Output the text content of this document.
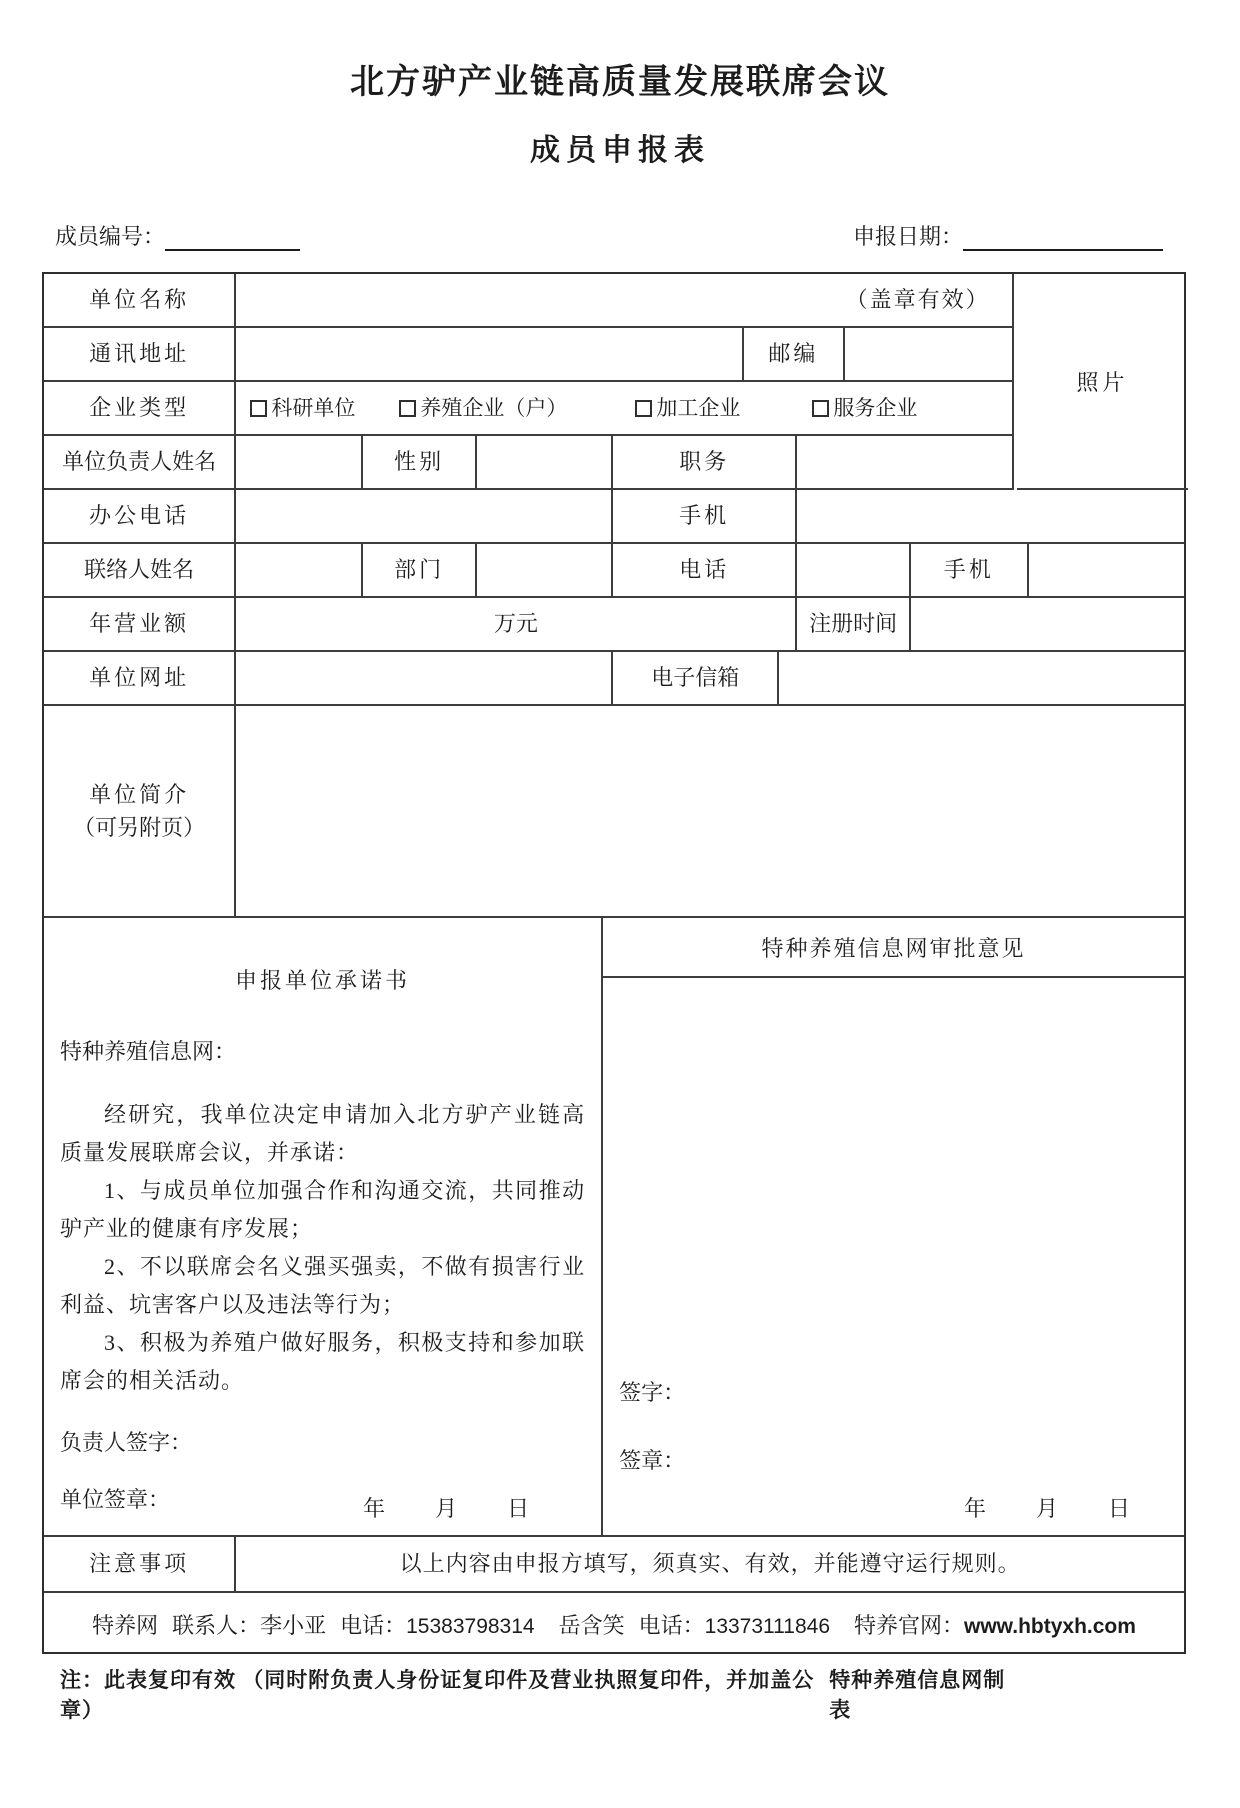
北方驴产业链高质量发展联席会议
成员申报表
成员编号：	申报日期：
照片
单位名称	（盖章有效）
通讯地址	邮编
企业类型	科研单位	养殖企业（户）	加工企业	服务企业
单位负责人姓名	性别	职务
办公电话	手机
联络人姓名	部门	电话	手机
年营业额	万元	注册时间
单位网址	电子信箱
单位简介
（可另附页）
申报单位承诺书
特种养殖信息网：

经研究，我单位决定申请加入北方驴产业链高质量发展联席会议，并承诺：

1、与成员单位加强合作和沟通交流，共同推动驴产业的健康有序发展；

2、不以联席会名义强买强卖，不做有损害行业利益、坑害客户以及违法等行为；

3、积极为养殖户做好服务，积极支持和参加联席会的相关活动。

负责人签字：
单位签章：	年　　月　　日
特种养殖信息网审批意见
签字：
签章：
年　　月　　日
注意事项	以上内容由申报方填写，须真实、有效，并能遵守运行规则。
特养网 联系人：李小亚 电话：15383798314 岳含笑 电话：13373111846 特养官网：www.hbtyxh.com
注：此表复印有效 （同时附负责人身份证复印件及营业执照复印件，并加盖公章）
特种养殖信息网制表
